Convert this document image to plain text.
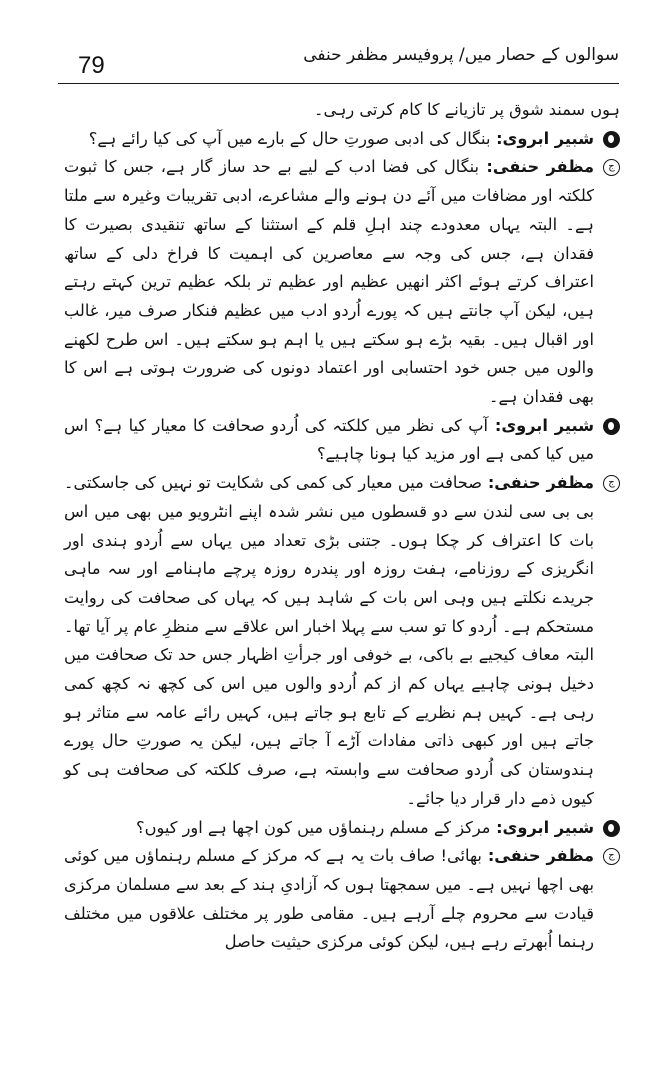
79	سوالوں کے حصار میں/ پروفیسر مظفر حنفی

ہوں سمند شوق پر تازیانے کا کام کرتی رہی۔

شبیر ابروی: بنگال کی ادبی صورتِ حال کے بارے میں آپ کی کیا رائے ہے؟

ج
مظفر حنفی: بنگال کی فضا ادب کے لیے بے حد ساز گار ہے، جس کا ثبوت کلکتہ اور مضافات میں آئے دن ہونے والے مشاعرے، ادبی تقریبات وغیرہ سے ملتا ہے۔ البتہ یہاں معدودے چند اہلِ قلم کے استثنا کے ساتھ تنقیدی بصیرت کا فقدان ہے، جس کی وجہ سے معاصرین کی اہمیت کا فراخ دلی کے ساتھ اعتراف کرتے ہوئے اکثر انھیں عظیم اور عظیم تر بلکہ عظیم ترین کہتے رہتے ہیں، لیکن آپ جانتے ہیں کہ پورے اُردو ادب میں عظیم فنکار صرف میر، غالب اور اقبال ہیں۔ بقیہ بڑے ہو سکتے ہیں یا اہم ہو سکتے ہیں۔ اس طرح لکھنے والوں میں جس خود احتسابی اور اعتماد دونوں کی ضرورت ہوتی ہے اس کا بھی فقدان ہے۔

شبیر ابروی: آپ کی نظر میں کلکتہ کی اُردو صحافت کا معیار کیا ہے؟ اس میں کیا کمی ہے اور مزید کیا ہونا چاہیے؟

ج
مظفر حنفی: صحافت میں معیار کی کمی کی شکایت تو نہیں کی جاسکتی۔ بی بی سی لندن سے دو قسطوں میں نشر شدہ اپنے انٹرویو میں بھی میں اس بات کا اعتراف کر چکا ہوں۔ جتنی بڑی تعداد میں یہاں سے اُردو ہندی اور انگریزی کے روزنامے، ہفت روزہ اور پندرہ روزہ پرچے ماہنامے اور سہ ماہی جریدے نکلتے ہیں وہی اس بات کے شاہد ہیں کہ یہاں کی صحافت کی روایت مستحکم ہے۔ اُردو کا تو سب سے پہلا اخبار اس علاقے سے منظرِ عام پر آیا تھا۔ البتہ معاف کیجیے بے باکی، بے خوفی اور جرأتِ اظہار جس حد تک صحافت میں دخیل ہونی چاہیے یہاں کم از کم اُردو والوں میں اس کی کچھ نہ کچھ کمی رہی ہے۔ کہیں ہم نظریے کے تابع ہو جاتے ہیں، کہیں رائے عامہ سے متاثر ہو جاتے ہیں اور کبھی ذاتی مفادات آڑے آ جاتے ہیں، لیکن یہ صورتِ حال پورے ہندوستان کی اُردو صحافت سے وابستہ ہے، صرف کلکتہ کی صحافت ہی کو کیوں ذمے دار قرار دیا جائے۔

شبیر ابروی: مرکز کے مسلم رہنماؤں میں کون اچھا ہے اور کیوں؟

ج
مظفر حنفی: بھائی! صاف بات یہ ہے کہ مرکز کے مسلم رہنماؤں میں کوئی بھی اچھا نہیں ہے۔ میں سمجھتا ہوں کہ آزادیِ ہند کے بعد سے مسلمان مرکزی قیادت سے محروم چلے آرہے ہیں۔ مقامی طور پر مختلف علاقوں میں مختلف رہنما اُبھرتے رہے ہیں، لیکن کوئی مرکزی حیثیت حاصل
